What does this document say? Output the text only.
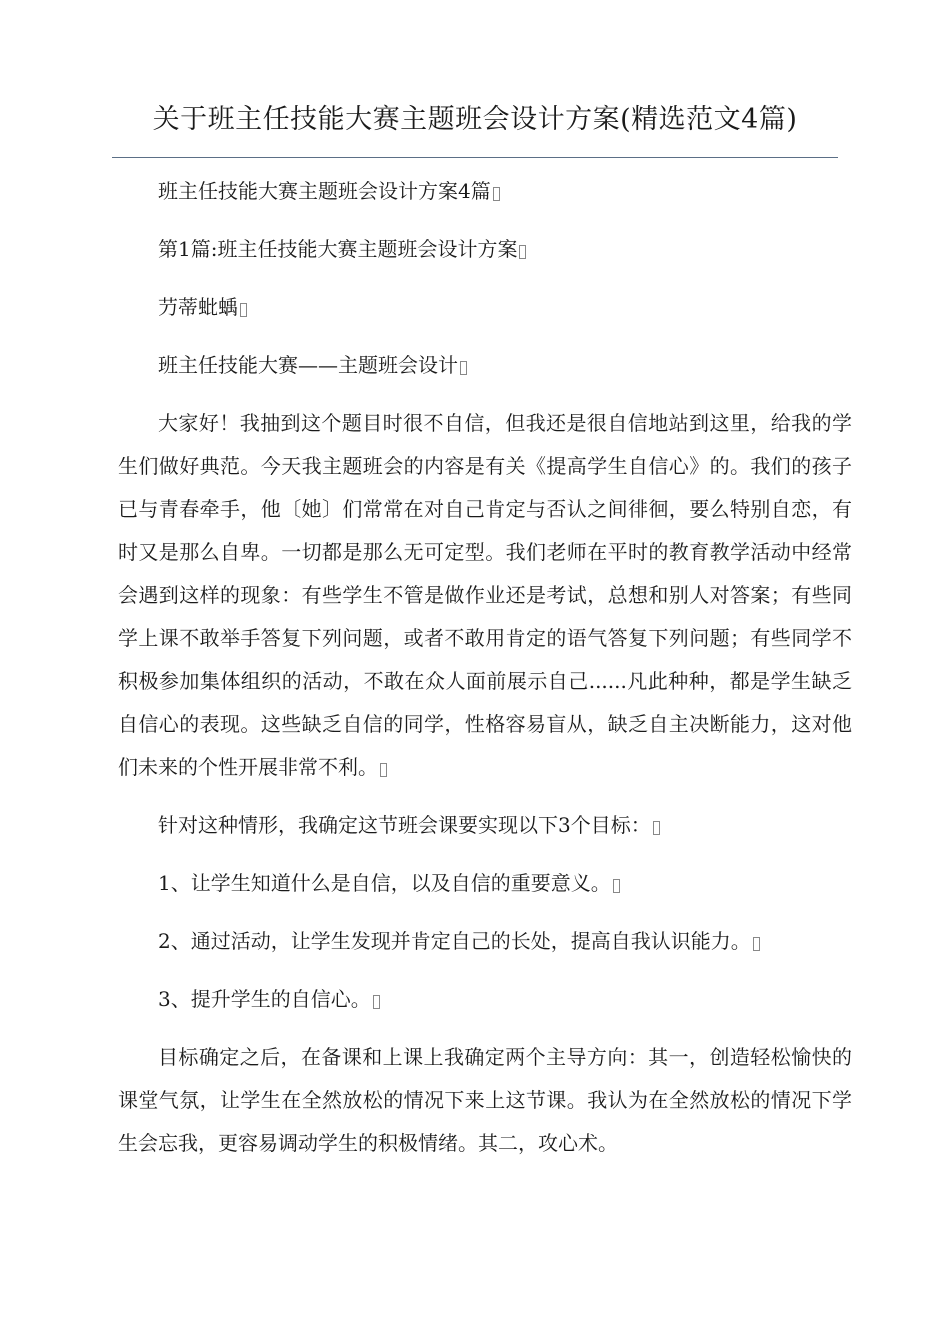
关于班主任技能大赛主题班会设计方案(精选范文4篇)

班主任技能大赛主题班会设计方案4篇

第1篇:班主任技能大赛主题班会设计方案

芀蒂蚍蝺

班主任技能大赛——主题班会设计

大家好！我抽到这个题目时很不自信，但我还是很自信地站到这里，给我的学生们做好典范。今天我主题班会的内容是有关《提高学生自信心》的。我们的孩子已与青春牵手，他〔她〕们常常在对自己肯定与否认之间徘徊，要么特别自恋，有时又是那么自卑。一切都是那么无可定型。我们老师在平时的教育教学活动中经常会遇到这样的现象：有些学生不管是做作业还是考试，总想和别人对答案；有些同学上课不敢举手答复下列问题，或者不敢用肯定的语气答复下列问题；有些同学不积极参加集体组织的活动，不敢在众人面前展示自己......凡此种种，都是学生缺乏自信心的表现。这些缺乏自信的同学，性格容易盲从，缺乏自主决断能力，这对他们未来的个性开展非常不利。

针对这种情形，我确定这节班会课要实现以下3个目标：

1、让学生知道什么是自信，以及自信的重要意义。

2、通过活动，让学生发现并肯定自己的长处，提高自我认识能力。

3、提升学生的自信心。

目标确定之后，在备课和上课上我确定两个主导方向：其一，创造轻松愉快的课堂气氛，让学生在全然放松的情况下来上这节课。我认为在全然放松的情况下学生会忘我，更容易调动学生的积极情绪。其二，攻心术。
